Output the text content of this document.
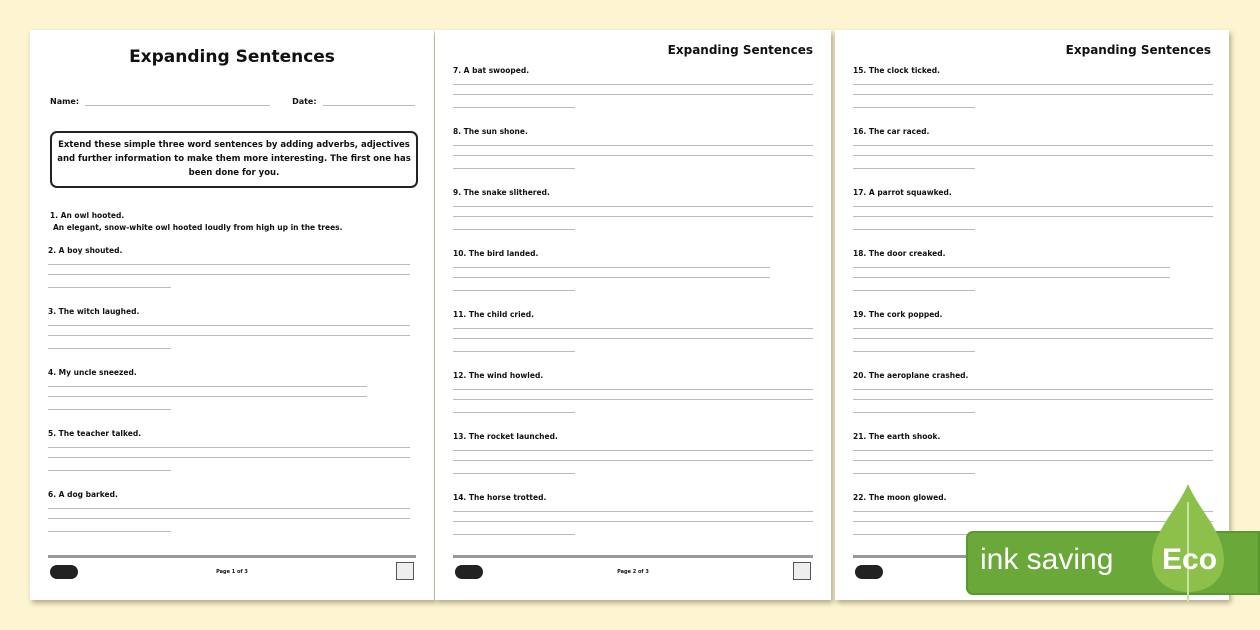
Expanding Sentences
Name:	Date:
Extend these simple three word sentences by adding adverbs, adjectives and further information to make them more interesting. The first one has been done for you.
1. An owl hooted.
An elegant, snow-white owl hooted loudly from high up in the trees.
2. A boy shouted.
3. The witch laughed.
4. My uncle sneezed.
5. The teacher talked.
6. A dog barked.
Page 1 of 3
Expanding Sentences
7. A bat swooped.
8. The sun shone.
9. The snake slithered.
10. The bird landed.
11. The child cried.
12. The wind howled.
13. The rocket launched.
14. The horse trotted.
Page 2 of 3
Expanding Sentences
15. The clock ticked.
16. The car raced.
17. A parrot squawked.
18. The door creaked.
19. The cork popped.
20. The aeroplane crashed.
21. The earth shook.
22. The moon glowed.
ink saving Eco
